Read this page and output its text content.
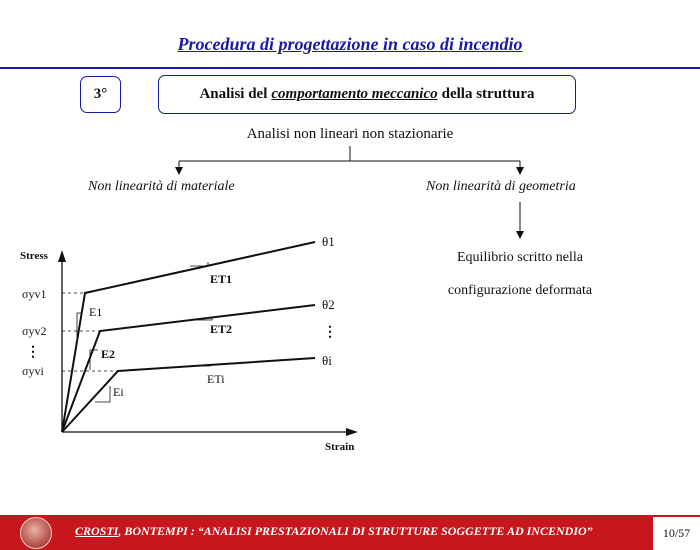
Procedura di progettazione in caso di incendio
3°	Analisi del comportamento meccanico della struttura
Analisi non lineari non stazionarie
Stress
Strain
θ1
θ2
θi
⋮
σyv1
σyv2
σyvi
⋮
E1
E2
Ei
ET1
ET2
ETi
Non linearità di materiale	Non linearità di geometria
Equilibrio scritto nella
configurazione deformata
CROSTI, BONTEMPI : “ANALISI PRESTAZIONALI DI STRUTTURE SOGGETTE AD INCENDIO”	10/57
